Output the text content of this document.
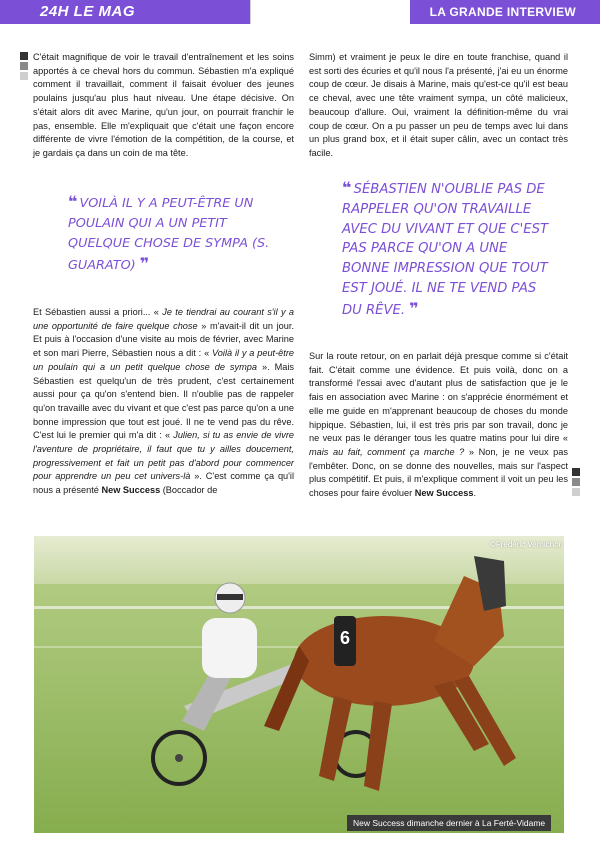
24H LE MAG	LA GRANDE INTERVIEW

C'était magnifique de voir le travail d'entraînement et les soins apportés à ce cheval hors du commun. Sébastien m'a expliqué comment il travaillait, comment il faisait évoluer des jeunes poulains jusqu'au plus haut niveau. Une étape décisive. On s'était alors dit avec Marine, qu'un jour, on pourrait franchir le pas, ensemble. Elle m'expliquait que c'était une façon encore différente de vivre l'émotion de la compétition, de la course, et je gardais ça dans un coin de ma tête.

Simm) et vraiment je peux le dire en toute franchise, quand il est sorti des écuries et qu'il nous l'a présenté, j'ai eu un énorme coup de cœur. Je disais à Marine, mais qu'est-ce qu'il est beau ce cheval, avec une tête vraiment sympa, un côté malicieux, beaucoup d'allure. Oui, vraiment la définition-même du vrai coup de cœur. On a pu passer un peu de temps avec lui dans un plus grand box, et il était super câlin, avec un contact très facile.

❝ VOILÀ IL Y A PEUT-ÊTRE UN POULAIN QUI A UN PETIT QUELQUE CHOSE DE SYMPA (S. GUARATO) ❞
❝ SÉBASTIEN N'OUBLIE PAS DE RAPPELER QU'ON TRAVAILLE AVEC DU VIVANT ET QUE C'EST PAS PARCE QU'ON A UNE BONNE IMPRESSION QUE TOUT EST JOUÉ. IL NE TE VEND PAS DU RÊVE. ❞

Et Sébastien aussi a priori... « Je te tiendrai au courant s'il y a une opportunité de faire quelque chose » m'avait-il dit un jour. Et puis à l'occasion d'une visite au mois de février, avec Marine et son mari Pierre, Sébastien nous a dit : « Voilà il y a peut-être un poulain qui a un petit quelque chose de sympa ». Mais Sébastien est quelqu'un de très prudent, c'est certainement aussi pour ça qu'on s'entend bien. Il n'oublie pas de rappeler qu'on travaille avec du vivant et que c'est pas parce qu'on a une bonne impression que tout est joué. Il ne te vend pas du rêve. C'est lui le premier qui m'a dit : « Julien, si tu as envie de vivre l'aventure de propriétaire, il faut que tu y ailles doucement, progressivement et fait un petit pas d'abord pour commencer pour apprendre un peu cet univers-là ». C'est comme ça qu'il nous a présenté New Success (Boccador de

Sur la route retour, on en parlait déjà presque comme si c'était fait. C'était comme une évidence. Et puis voilà, donc on a transformé l'essai avec d'autant plus de satisfaction que je le fais en association avec Marine : on s'apprécie énormément et elle me guide en m'apprenant beaucoup de choses du monde hippique. Sébastien, lui, il est très pris par son travail, donc je ne veux pas le déranger tous les quatre matins pour lui dire « mais au fait, comment ça marche ? » Non, je ne veux pas l'embêter. Donc, on se donne des nouvelles, mais sur l'aspect plus compétitif. Et puis, il m'explique comment il voit un peu les choses pour faire évoluer New Success.

6
©Frédéric Vernichon
New Success dimanche dernier à La Ferté-Vidame
